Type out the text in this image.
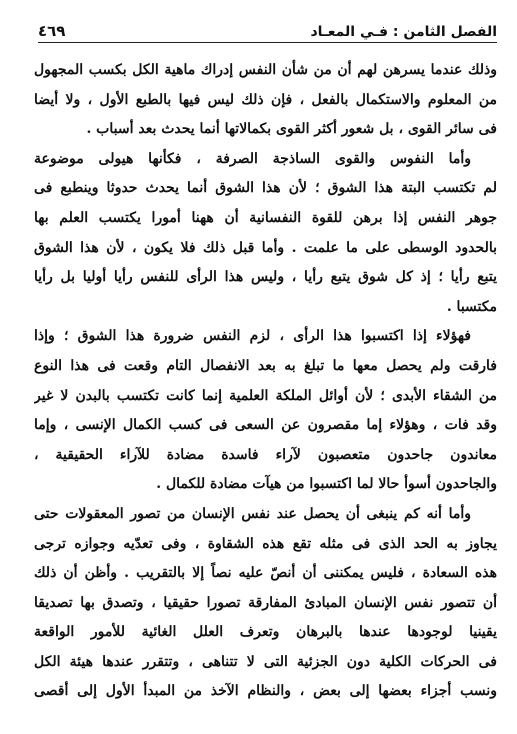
الفصل الثامن : فـي المعـاد
٤٦٩
وذلك عندما يسرهن لهم أن من شأن النفس إدراك ماهية الكل بكسب المجهول
من المعلوم والاستكمال بالفعل ، فإن ذلك ليس فيها بالطبع الأول ، ولا أيضا
فى سائر القوى ، بل شعور أكثر القوى بكمالاتها أنما يحدث بعد أسباب .
وأما النفوس والقوى الساذجة الصرفة ، فكأنها هيولى موضوعة
لم تكتسب البتة هذا الشوق ؛ لأن هذا الشوق أنما يحدث حدوثا وينطبع فى
جوهر النفس إذا برهن للقوة النفسانية أن ههنا أمورا يكتسب العلم بها
بالحدود الوسطى على ما علمت . وأما قبل ذلك فلا يكون ، لأن هذا الشوق
يتبع رأيا ؛ إذ كل شوق يتبع رأيا ، وليس هذا الرأى للنفس رأيا أوليا بل رأيا
مكتسبا .
فهؤلاء إذا اكتسبوا هذا الرأى ، لزم النفس ضرورة هذا الشوق ؛ وإذا
فارقت ولم يحصل معها ما تبلغ به بعد الانفصال التام وقعت فى هذا النوع
من الشقاء الأبدى ؛ لأن أوائل الملكة العلمية إنما كانت تكتسب بالبدن لا غير
وقد فات ، وهؤلاء إما مقصرون عن السعى فى كسب الكمال الإنسى ، وإما
معاندون جاحدون متعصبون لآراء فاسدة مضادة للآراء الحقيقية ،
والجاحدون أسوأ حالا لما اكتسبوا من هيآت مضادة للكمال .
وأما أنه كم ينبغى أن يحصل عند نفس الإنسان من تصور المعقولات حتى
يجاوز به الحد الذى فى مثله تقع هذه الشقاوة ، وفى تعدّيه وجوازه ترجى
هذه السعادة ، فليس يمكننى أن أنصّ عليه نصاً إلا بالتقريب . وأظن أن ذلك
أن تتصور نفس الإنسان المبادئ المفارقة تصورا حقيقيا ، وتصدق بها تصديقا
يقينيا لوجودها عندها بالبرهان وتعرف العلل الغائية للأمور الواقعة
فى الحركات الكلية دون الجزئية التى لا تتناهى ، وتتقرر عندها هيئة الكل
ونسب أجزاء بعضها إلى بعض ، والنظام الآخذ من المبدأ الأول إلى أقصى
